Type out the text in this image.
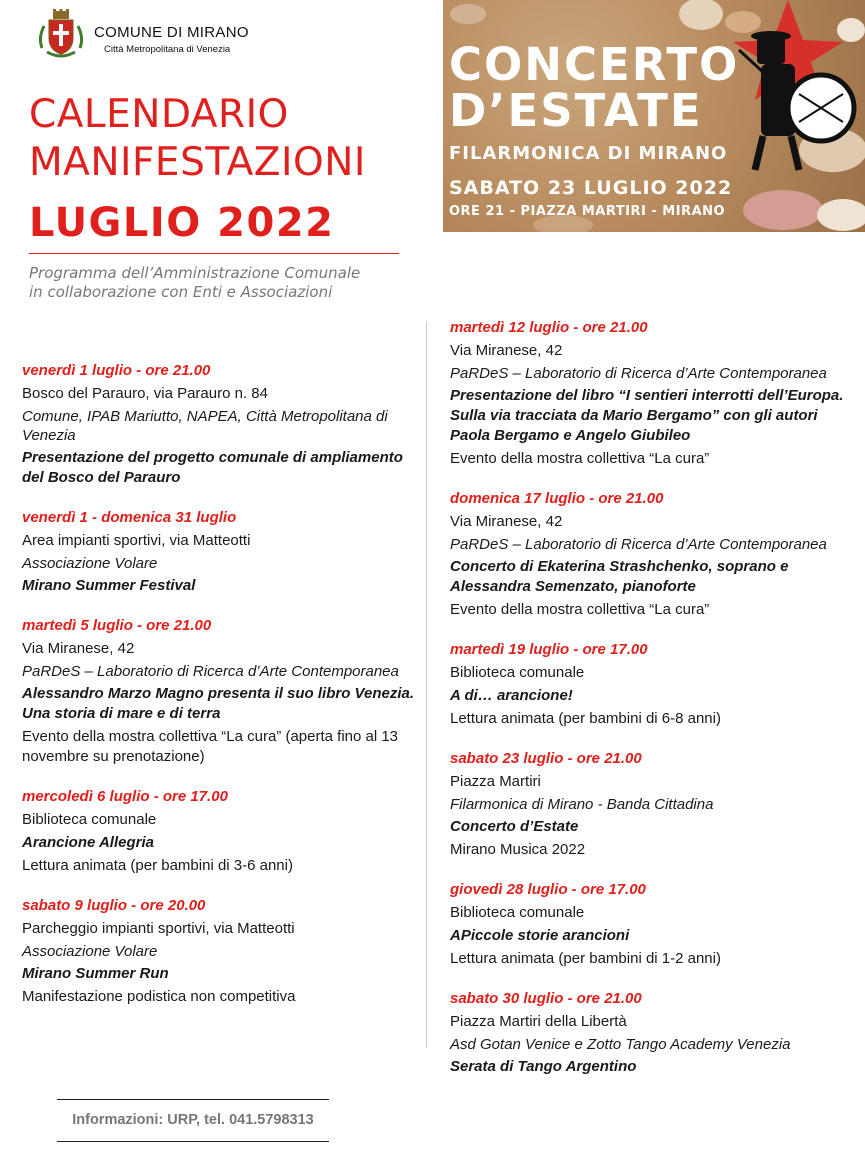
COMUNE DI MIRANO
Città Metropolitana di Venezia
CALENDARIO
MANIFESTAZIONI
LUGLIO 2022
Programma dell’Amministrazione Comunale
in collaborazione con Enti e Associazioni
CONCERTO
D’ESTATE
FILARMONICA DI MIRANO
SABATO 23 LUGLIO 2022
ORE 21 - PIAZZA MARTIRI - MIRANO
venerdì 1 luglio - ore 21.00
Bosco del Parauro, via Parauro n. 84
Comune, IPAB Mariutto, NAPEA, Città Metropolitana di Venezia
Presentazione del progetto comunale di ampliamento del Bosco del Parauro
venerdì 1 - domenica 31 luglio
Area impianti sportivi, via Matteotti
Associazione Volare
Mirano Summer Festival
martedì 5 luglio - ore 21.00
Via Miranese, 42
PaRDeS – Laboratorio di Ricerca d’Arte Contemporanea
Alessandro Marzo Magno presenta il suo libro Venezia. Una storia di mare e di terra
Evento della mostra collettiva “La cura” (aperta fino al 13 novembre su prenotazione)
mercoledì 6 luglio - ore 17.00
Biblioteca comunale
Arancione Allegria
Lettura animata (per bambini di 3-6 anni)
sabato 9 luglio - ore 20.00
Parcheggio impianti sportivi, via Matteotti
Associazione Volare
Mirano Summer Run
Manifestazione podistica non competitiva
martedì 12 luglio - ore 21.00
Via Miranese, 42
PaRDeS – Laboratorio di Ricerca d’Arte Contemporanea
Presentazione del libro “I sentieri interrotti dell’Europa. Sulla via tracciata da Mario Bergamo” con gli autori Paola Bergamo e Angelo Giubileo
Evento della mostra collettiva “La cura”
domenica 17 luglio - ore 21.00
Via Miranese, 42
PaRDeS – Laboratorio di Ricerca d’Arte Contemporanea
Concerto di Ekaterina Strashchenko, soprano e Alessandra Semenzato, pianoforte
Evento della mostra collettiva “La cura”
martedì 19 luglio - ore 17.00
Biblioteca comunale
A di… arancione!
Lettura animata (per bambini di 6-8 anni)
sabato 23 luglio - ore 21.00
Piazza Martiri
Filarmonica di Mirano - Banda Cittadina
Concerto d’Estate
Mirano Musica 2022
giovedì 28 luglio - ore 17.00
Biblioteca comunale
APiccole storie arancioni
Lettura animata (per bambini di 1-2 anni)
sabato 30 luglio - ore 21.00
Piazza Martiri della Libertà
Asd Gotan Venice e Zotto Tango Academy Venezia
Serata di Tango Argentino
Informazioni: URP, tel. 041.5798313
